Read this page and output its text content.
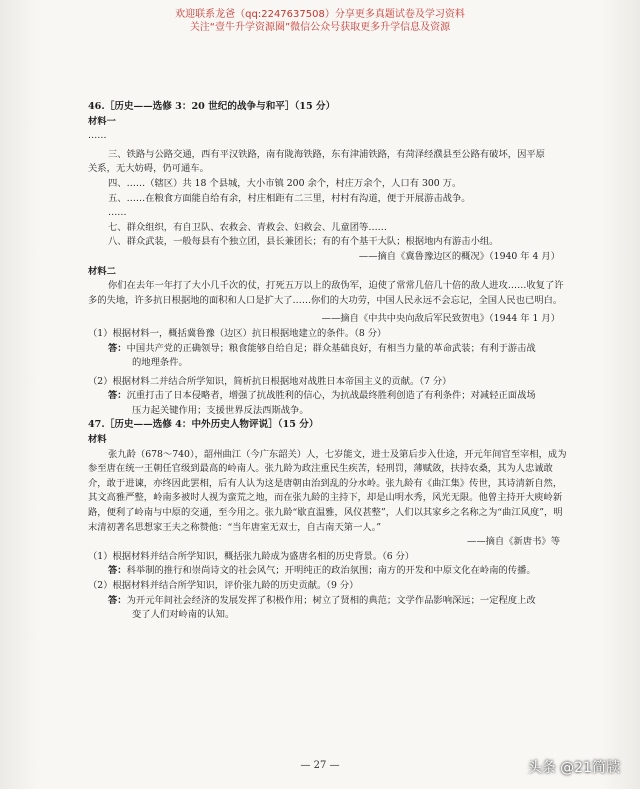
欢迎联系龙爸（qq:2247637508）分享更多真题试卷及学习资料
关注“壹牛升学资源圈”微信公众号获取更多升学信息及资源
46.［历史——选修 3：20 世纪的战争与和平］（15 分）
材料一
……
三、铁路与公路交通，西有平汉铁路，南有陇海铁路，东有津浦铁路，有菏泽经濮县至公路有破坏，因平原
关系，无大妨碍，仍可通车。
四、……（辖区）共 18 个县城，大小市镇 200 余个，村庄万余个，人口有 300 万。
五、……在粮食方面能自给有余，村庄相距有二三里，村村有沟道，便于开展游击战争。
……
七、群众组织，有自卫队、农救会、青救会、妇救会、儿童团等……
八、群众武装，一般每县有个独立团，县长兼团长；有的有个基干大队；根据地内有游击小组。
——摘自《冀鲁豫边区的概况》（1940 年 4 月）
材料二
你们在去年一年打了大小几千次的仗，打死五万以上的敌伪军，迫使了常常几倍几十倍的敌人进攻……收复了许多的失地，许多抗日根据地的面积和人口是扩大了……你们的大功劳，中国人民永远不会忘记，全国人民也已明白。
——摘自《中共中央向敌后军民致贺电》（1944 年 1 月）
（1）根据材料一，概括冀鲁豫（边区）抗日根据地建立的条件。（8 分）
答：中国共产党的正确领导；粮食能够自给自足；群众基础良好，有相当力量的革命武装；有利于游击战
的地理条件。
（2）根据材料二并结合所学知识，简析抗日根据地对战胜日本帝国主义的贡献。（7 分）
答：沉重打击了日本侵略者，增强了抗战胜利的信心，为抗战最终胜利创造了有利条件；对减轻正面战场
压力起关键作用；支援世界反法西斯战争。
47.［历史——选修 4：中外历史人物评说］（15 分）
材料
张九龄（678～740），韶州曲江（今广东韶关）人，七岁能文，进士及第后步入仕途，开元年间官至宰相，成为参至唐在统一王朝任官级到最高的岭南人。张九龄为政注重民生疾苦，轻刑罚，薄赋敛，扶持农桑，其为人忠诚敢介，敢于进谏，亦终因此罢相，后有人认为这是唐朝由治到乱的分水岭。张九龄有《曲江集》传世，其诗清新自然，其文高雅严整，岭南多被时人视为蛮荒之地，而在张九龄的主持下，却是山明水秀，风光无限。他曾主持开大庾岭新路，便利了岭南与中原的交通，至今用之。张九龄“歇直温雅，风仪甚整”，人们以其家乡之名称之为“曲江风度”，明末清初著名思想家王夫之称赞他：“当年唐室无双士，自古南天第一人。”
——摘自《新唐书》等
（1）根据材料并结合所学知识，概括张九龄成为盛唐名相的历史背景。（6 分）
答：科举制的推行和崇尚诗文的社会风气；开明纯正的政治氛围；南方的开发和中原文化在岭南的传播。
（2）根据材料并结合所学知识，评价张九龄的历史贡献。（9 分）
答：为开元年间社会经济的发展发挥了积极作用；树立了贤相的典范；文学作品影响深远；一定程度上改
变了人们对岭南的认知。
— 27 —	头条 @21简牍
